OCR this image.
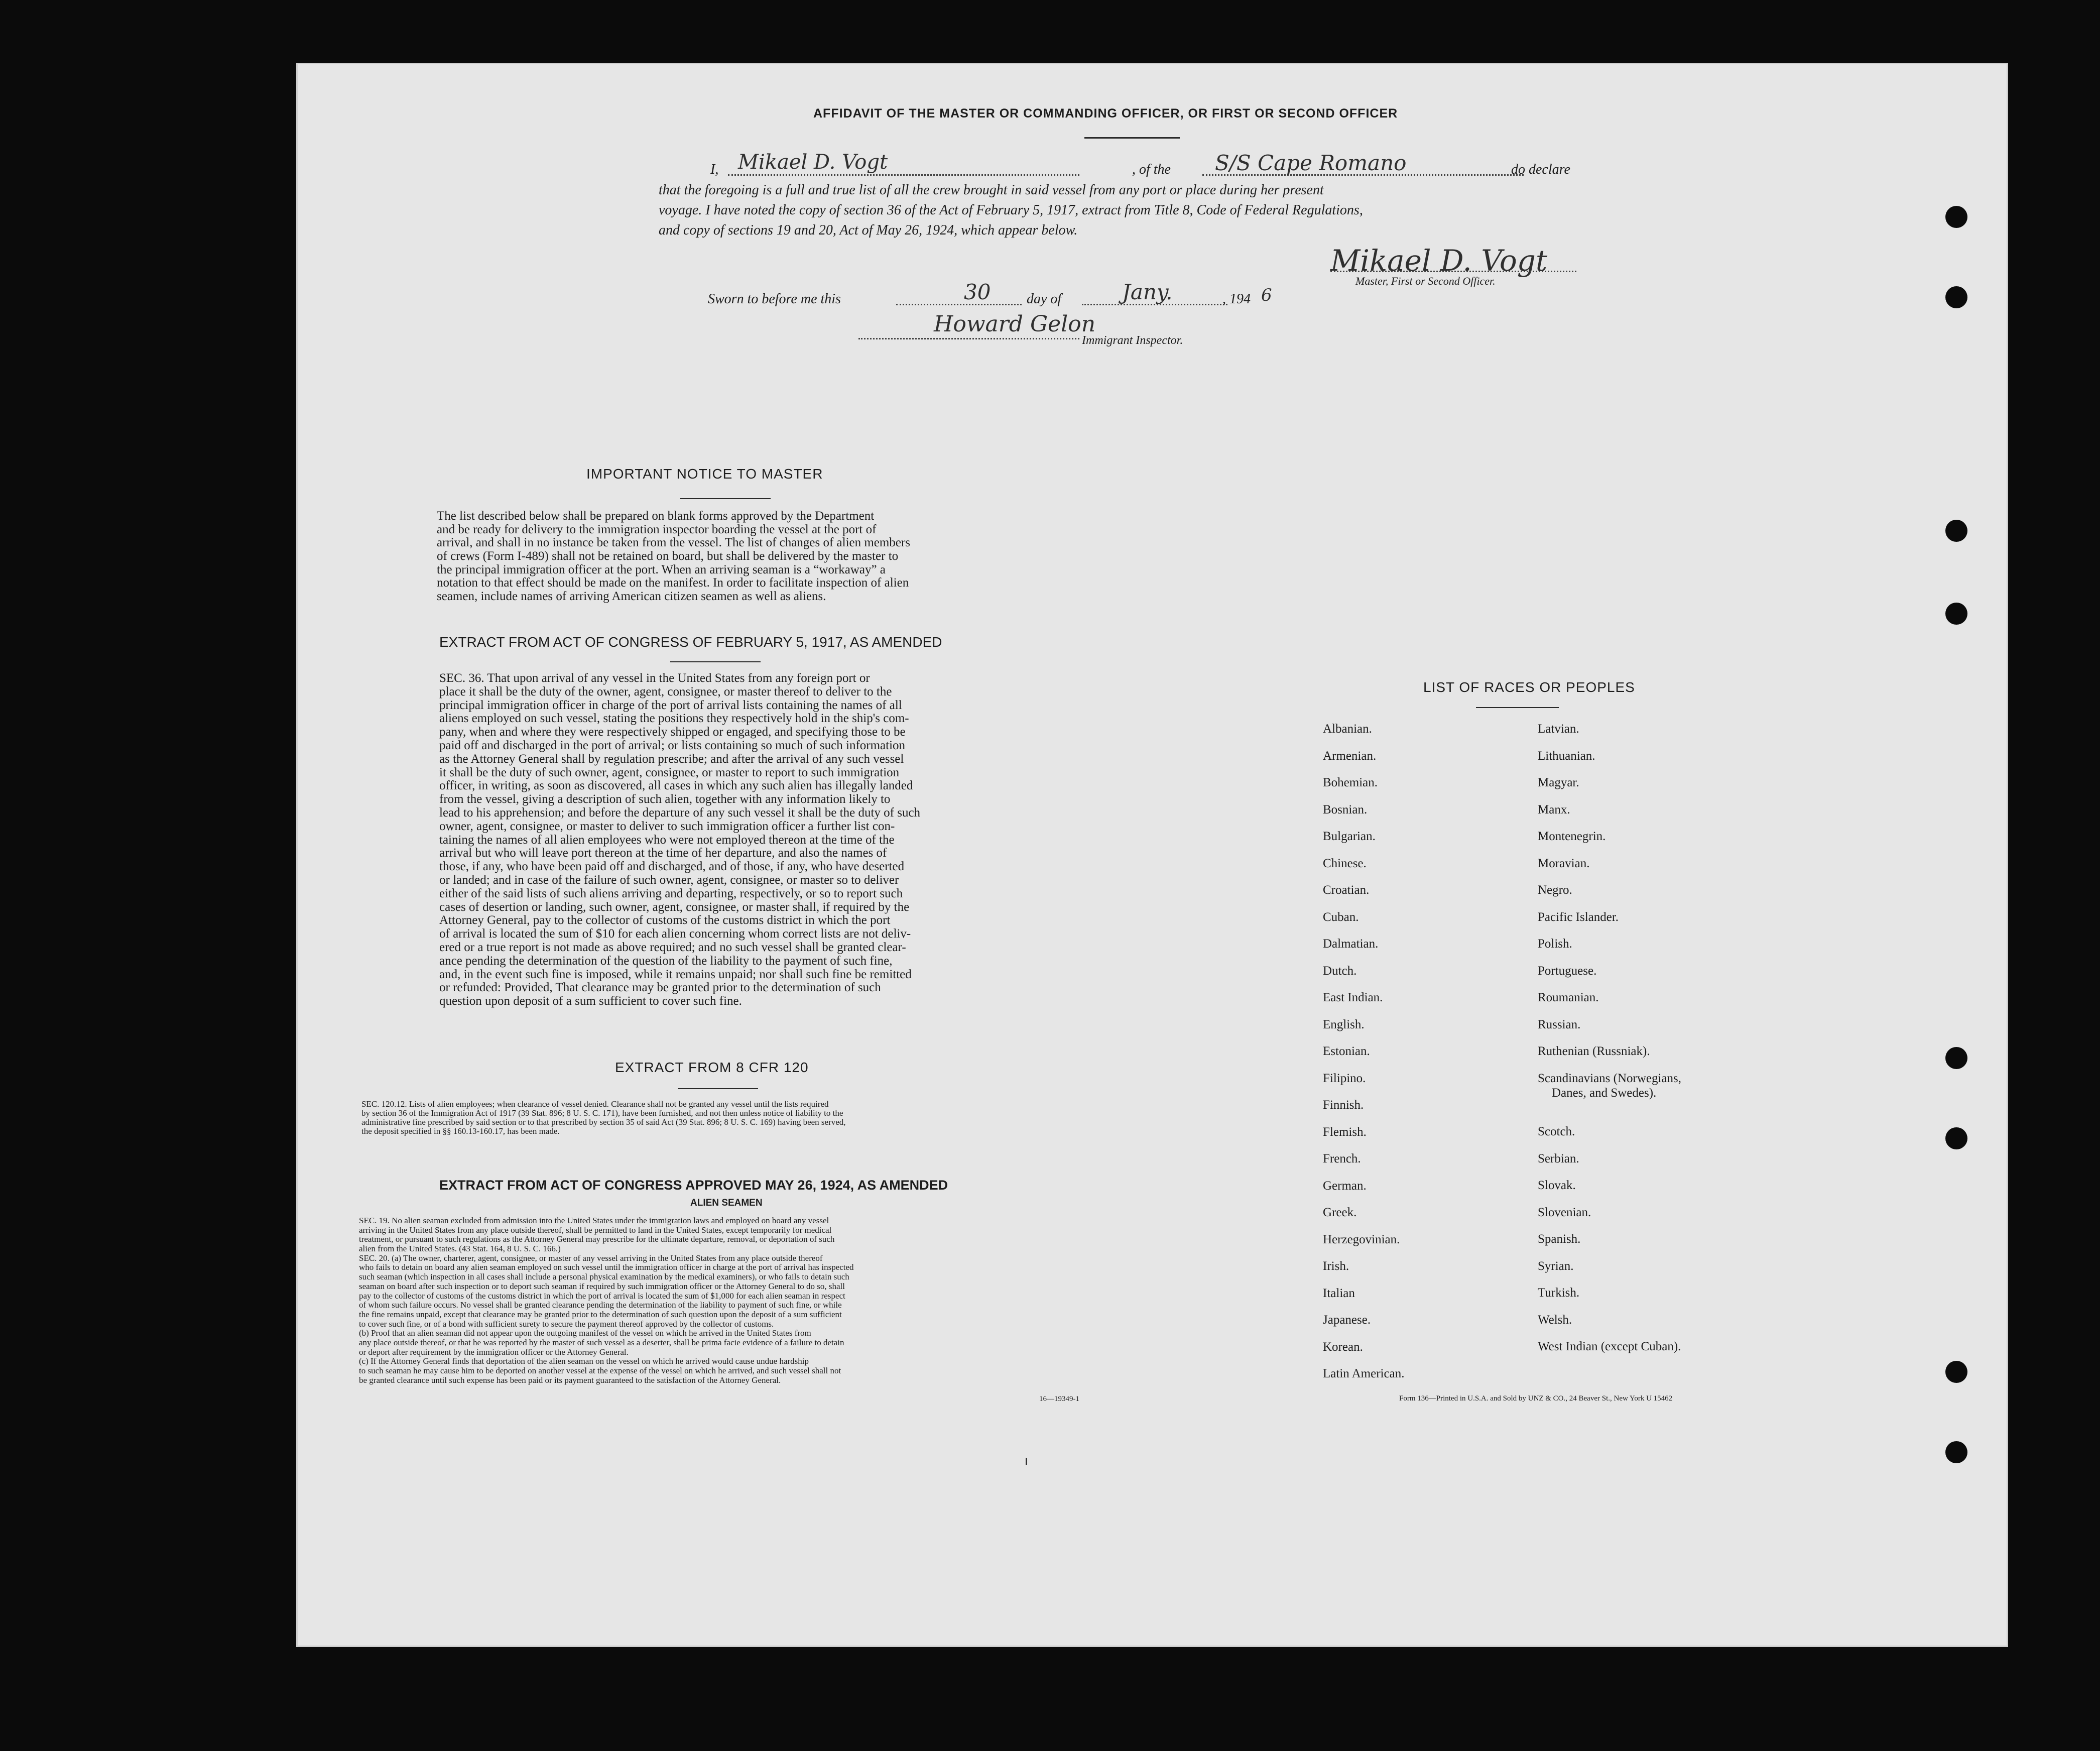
AFFIDAVIT OF THE MASTER OR COMMANDING OFFICER, OR FIRST OR SECOND OFFICER
I, Mikael D. Vogt	, of the S/S Cape Romano	do declare
that the foregoing is a full and true list of all the crew brought in said vessel from any port or place during her present
voyage. I have noted the copy of section 36 of the Act of February 5, 1917, extract from Title 8, Code of Federal Regulations,
and copy of sections 19 and 20, Act of May 26, 1924, which appear below.
Mikael D. Vogt
Master, First or Second Officer.
Sworn to before me this	30	day of	Jany.	, 194 6
Howard Gelon
Immigrant Inspector.
IMPORTANT NOTICE TO MASTER
The list described below shall be prepared on blank forms approved by the Department
and be ready for delivery to the immigration inspector boarding the vessel at the port of
arrival, and shall in no instance be taken from the vessel. The list of changes of alien members
of crews (Form I-489) shall not be retained on board, but shall be delivered by the master to
the principal immigration officer at the port. When an arriving seaman is a “workaway” a
notation to that effect should be made on the manifest. In order to facilitate inspection of alien
seamen, include names of arriving American citizen seamen as well as aliens.
EXTRACT FROM ACT OF CONGRESS OF FEBRUARY 5, 1917, AS AMENDED
SEC. 36. That upon arrival of any vessel in the United States from any foreign port or
place it shall be the duty of the owner, agent, consignee, or master thereof to deliver to the
principal immigration officer in charge of the port of arrival lists containing the names of all
aliens employed on such vessel, stating the positions they respectively hold in the ship's com-
pany, when and where they were respectively shipped or engaged, and specifying those to be
paid off and discharged in the port of arrival; or lists containing so much of such information
as the Attorney General shall by regulation prescribe; and after the arrival of any such vessel
it shall be the duty of such owner, agent, consignee, or master to report to such immigration
officer, in writing, as soon as discovered, all cases in which any such alien has illegally landed
from the vessel, giving a description of such alien, together with any information likely to
lead to his apprehension; and before the departure of any such vessel it shall be the duty of such
owner, agent, consignee, or master to deliver to such immigration officer a further list con-
taining the names of all alien employees who were not employed thereon at the time of the
arrival but who will leave port thereon at the time of her departure, and also the names of
those, if any, who have been paid off and discharged, and of those, if any, who have deserted
or landed; and in case of the failure of such owner, agent, consignee, or master so to deliver
either of the said lists of such aliens arriving and departing, respectively, or so to report such
cases of desertion or landing, such owner, agent, consignee, or master shall, if required by the
Attorney General, pay to the collector of customs of the customs district in which the port
of arrival is located the sum of $10 for each alien concerning whom correct lists are not deliv-
ered or a true report is not made as above required; and no such vessel shall be granted clear-
ance pending the determination of the question of the liability to the payment of such fine,
and, in the event such fine is imposed, while it remains unpaid; nor shall such fine be remitted
or refunded: Provided, That clearance may be granted prior to the determination of such
question upon deposit of a sum sufficient to cover such fine.
EXTRACT FROM 8 CFR 120
SEC. 120.12. Lists of alien employees; when clearance of vessel denied. Clearance shall not be granted any vessel until the lists required
by section 36 of the Immigration Act of 1917 (39 Stat. 896; 8 U. S. C. 171), have been furnished, and not then unless notice of liability to the
administrative fine prescribed by said section or to that prescribed by section 35 of said Act (39 Stat. 896; 8 U. S. C. 169) having been served,
the deposit specified in §§ 160.13-160.17, has been made.
EXTRACT FROM ACT OF CONGRESS APPROVED MAY 26, 1924, AS AMENDED
ALIEN SEAMEN
SEC. 19. No alien seaman excluded from admission into the United States under the immigration laws and employed on board any vessel
arriving in the United States from any place outside thereof, shall be permitted to land in the United States, except temporarily for medical
treatment, or pursuant to such regulations as the Attorney General may prescribe for the ultimate departure, removal, or deportation of such
alien from the United States. (43 Stat. 164, 8 U. S. C. 166.)
SEC. 20. (a) The owner, charterer, agent, consignee, or master of any vessel arriving in the United States from any place outside thereof
who fails to detain on board any alien seaman employed on such vessel until the immigration officer in charge at the port of arrival has inspected
such seaman (which inspection in all cases shall include a personal physical examination by the medical examiners), or who fails to detain such
seaman on board after such inspection or to deport such seaman if required by such immigration officer or the Attorney General to do so, shall
pay to the collector of customs of the customs district in which the port of arrival is located the sum of $1,000 for each alien seaman in respect
of whom such failure occurs. No vessel shall be granted clearance pending the determination of the liability to payment of such fine, or while
the fine remains unpaid, except that clearance may be granted prior to the determination of such question upon the deposit of a sum sufficient
to cover such fine, or of a bond with sufficient surety to secure the payment thereof approved by the collector of customs.
(b) Proof that an alien seaman did not appear upon the outgoing manifest of the vessel on which he arrived in the United States from
any place outside thereof, or that he was reported by the master of such vessel as a deserter, shall be prima facie evidence of a failure to detain
or deport after requirement by the immigration officer or the Attorney General.
(c) If the Attorney General finds that deportation of the alien seaman on the vessel on which he arrived would cause undue hardship
to such seaman he may cause him to be deported on another vessel at the expense of the vessel on which he arrived, and such vessel shall not
be granted clearance until such expense has been paid or its payment guaranteed to the satisfaction of the Attorney General.
16—19349-1
LIST OF RACES OR PEOPLES
Albanian.
Armenian.
Bohemian.
Bosnian.
Bulgarian.
Chinese.
Croatian.
Cuban.
Dalmatian.
Dutch.
East Indian.
English.
Estonian.
Filipino.
Finnish.
Flemish.
French.
German.
Greek.
Herzegovinian.
Irish.
Italian
Japanese.
Korean.
Latin American.
Latvian.
Lithuanian.
Magyar.
Manx.
Montenegrin.
Moravian.
Negro.
Pacific Islander.
Polish.
Portuguese.
Roumanian.
Russian.
Ruthenian (Russniak).
Scandinavians (Norwegians,
Danes, and Swedes).
Scotch.
Serbian.
Slovak.
Slovenian.
Spanish.
Syrian.
Turkish.
Welsh.
West Indian (except Cuban).
Form 136—Printed in U.S.A. and Sold by UNZ & CO., 24 Beaver St., New York U 15462
